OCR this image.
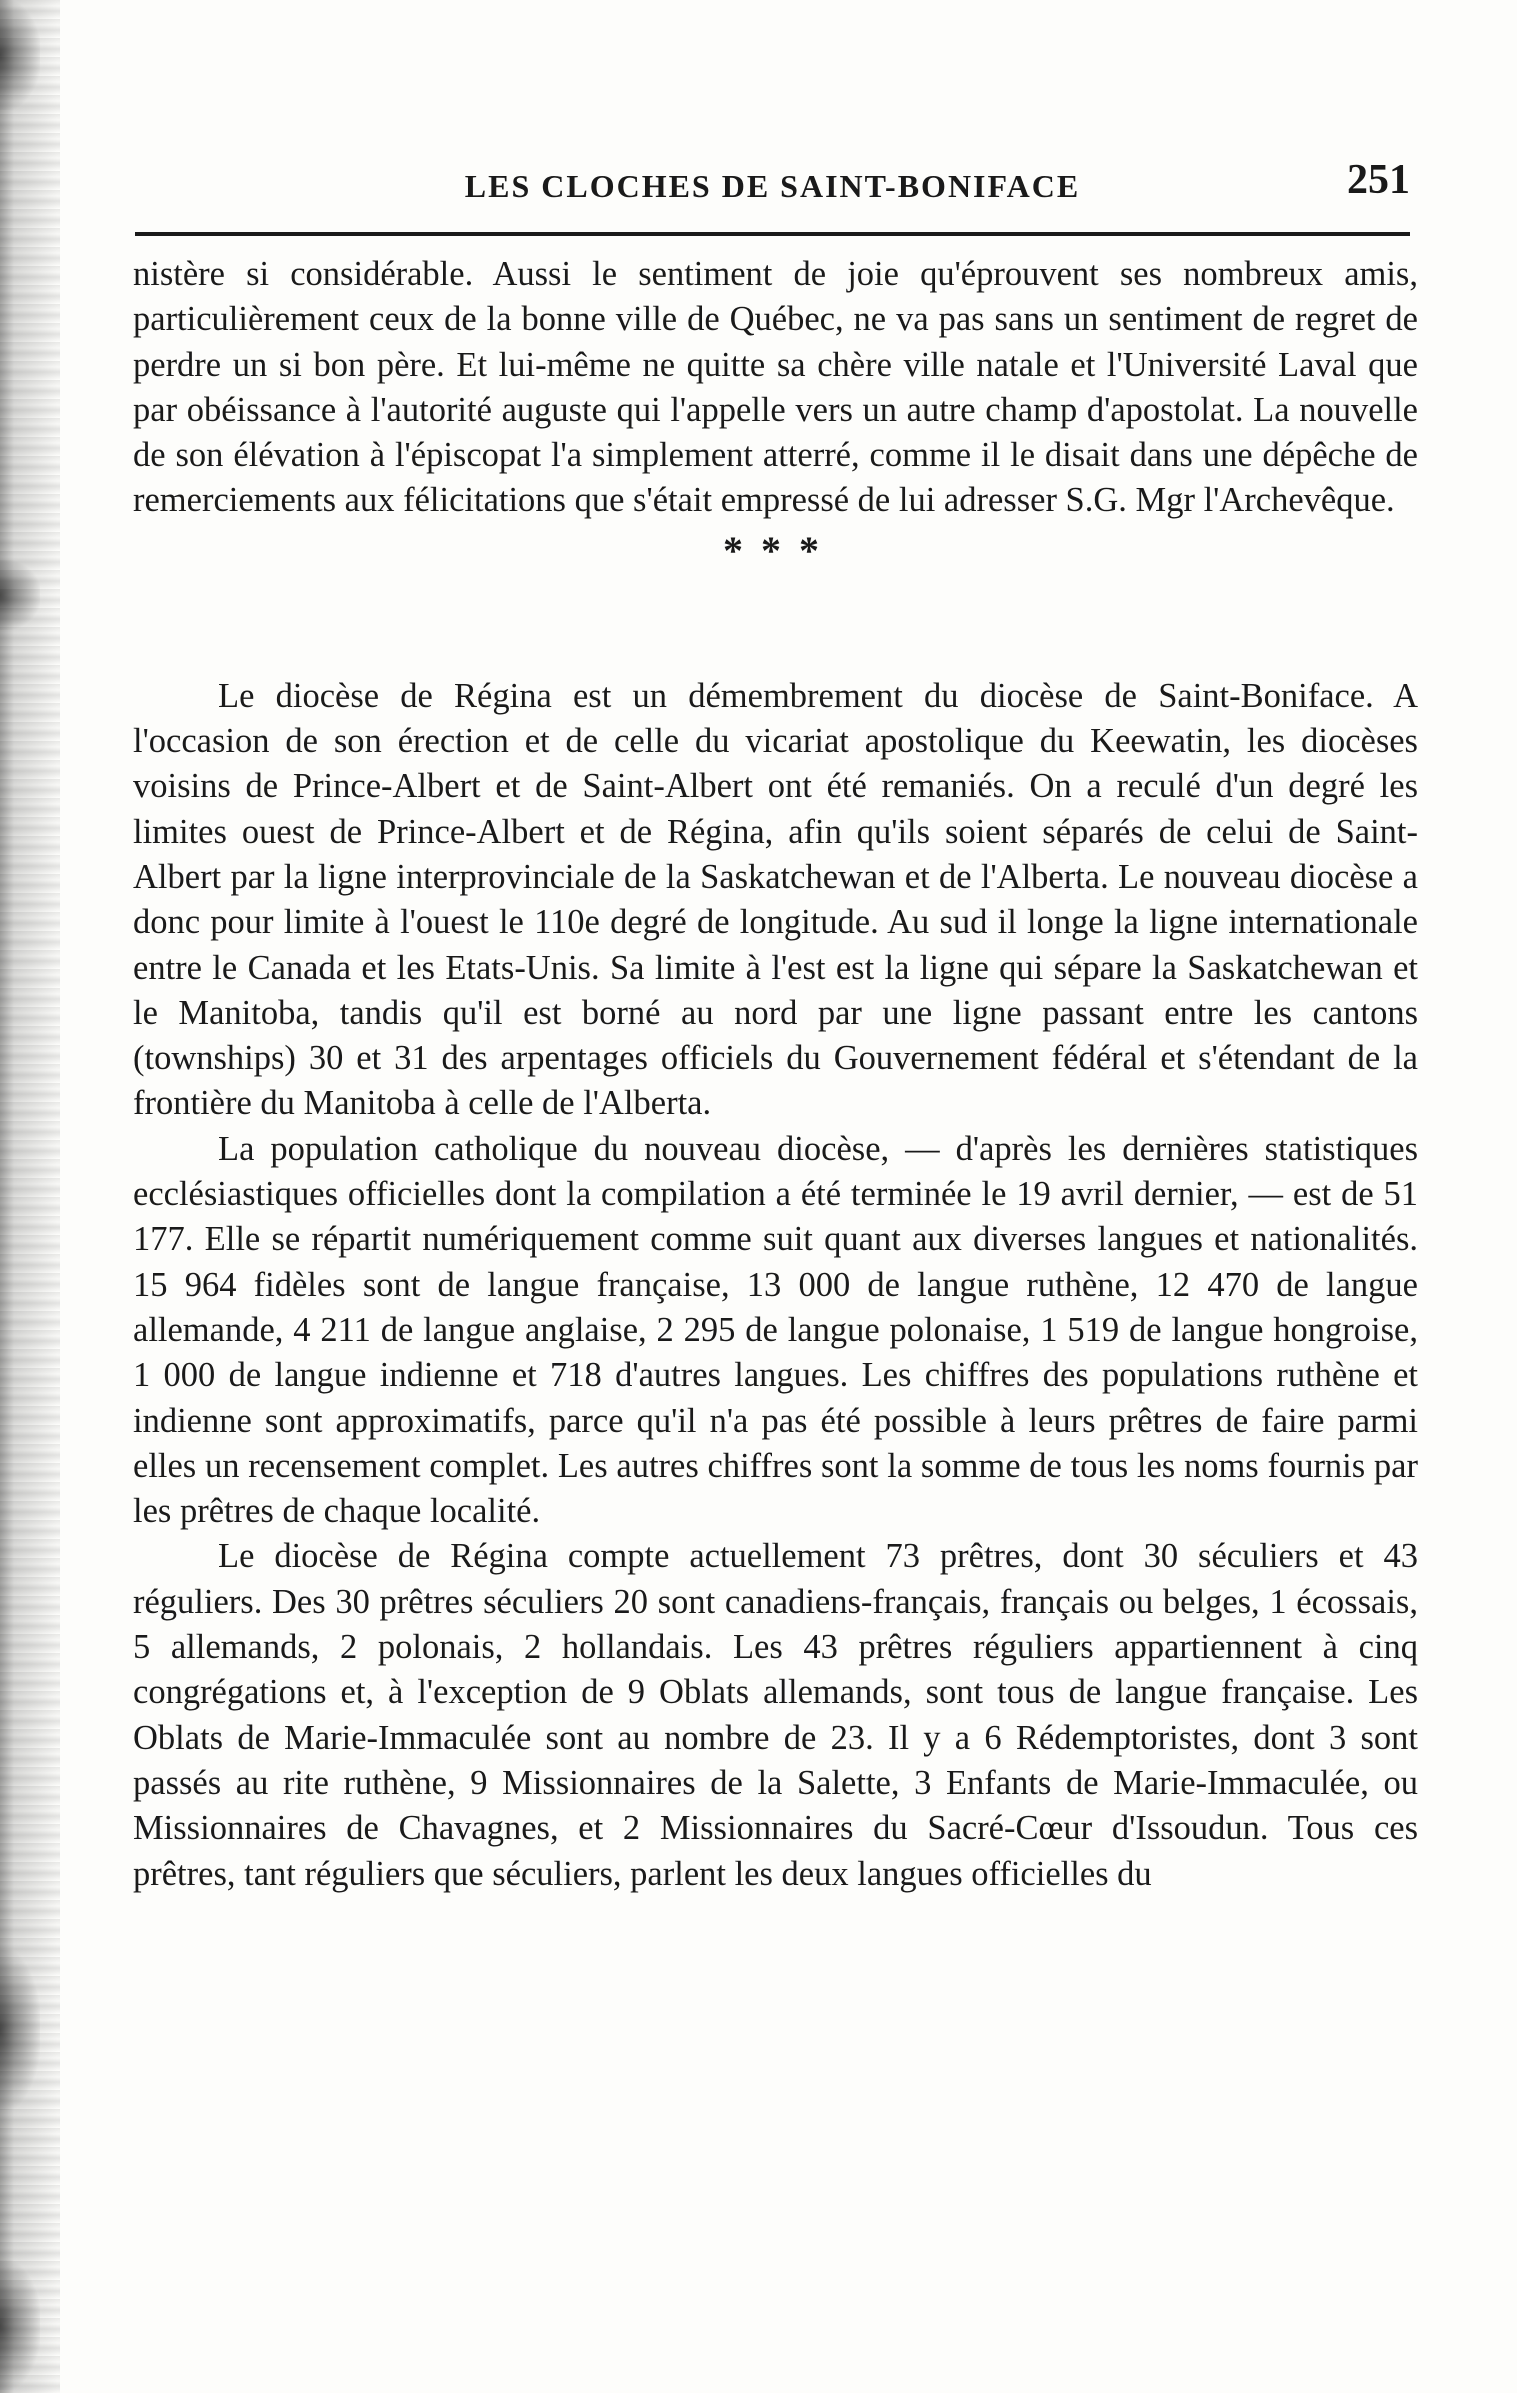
LES CLOCHES DE SAINT-BONIFACE	251

nistère si considérable. Aussi le sentiment de joie qu'éprouvent ses nombreux amis, particulièrement ceux de la bonne ville de Québec, ne va pas sans un sentiment de regret de perdre un si bon père. Et lui-même ne quitte sa chère ville natale et l'Université Laval que par obéissance à l'autorité auguste qui l'appelle vers un autre champ d'apostolat. La nouvelle de son élévation à l'épiscopat l'a simplement atterré, comme il le disait dans une dépêche de remerciements aux félicitations que s'était empressé de lui adresser S.G. Mgr l'Archevêque.

* * *

Le diocèse de Régina est un démembrement du diocèse de Saint-Boniface. A l'occasion de son érection et de celle du vicariat apostolique du Keewatin, les diocèses voisins de Prince-Albert et de Saint-Albert ont été remaniés. On a reculé d'un degré les limites ouest de Prince-Albert et de Régina, afin qu'ils soient séparés de celui de Saint-Albert par la ligne interprovinciale de la Saskatchewan et de l'Alberta. Le nouveau diocèse a donc pour limite à l'ouest le 110e degré de longitude. Au sud il longe la ligne internationale entre le Canada et les Etats-Unis. Sa limite à l'est est la ligne qui sépare la Saskatchewan et le Manitoba, tandis qu'il est borné au nord par une ligne passant entre les cantons (townships) 30 et 31 des arpentages officiels du Gouvernement fédéral et s'étendant de la frontière du Manitoba à celle de l'Alberta.

La population catholique du nouveau diocèse, — d'après les dernières statistiques ecclésiastiques officielles dont la compilation a été terminée le 19 avril dernier, — est de 51 177. Elle se répartit numériquement comme suit quant aux diverses langues et nationalités. 15 964 fidèles sont de langue française, 13 000 de langue ruthène, 12 470 de langue allemande, 4 211 de langue anglaise, 2 295 de langue polonaise, 1 519 de langue hongroise, 1 000 de langue indienne et 718 d'autres langues. Les chiffres des populations ruthène et indienne sont approximatifs, parce qu'il n'a pas été possible à leurs prêtres de faire parmi elles un recensement complet. Les autres chiffres sont la somme de tous les noms fournis par les prêtres de chaque localité.

Le diocèse de Régina compte actuellement 73 prêtres, dont 30 séculiers et 43 réguliers. Des 30 prêtres séculiers 20 sont canadiens-français, français ou belges, 1 écossais, 5 allemands, 2 polonais, 2 hollandais. Les 43 prêtres réguliers appartiennent à cinq congrégations et, à l'exception de 9 Oblats allemands, sont tous de langue française. Les Oblats de Marie-Immaculée sont au nombre de 23. Il y a 6 Rédemptoristes, dont 3 sont passés au rite ruthène, 9 Missionnaires de la Salette, 3 Enfants de Marie-Immaculée, ou Missionnaires de Chavagnes, et 2 Missionnaires du Sacré-Cœur d'Issoudun. Tous ces prêtres, tant réguliers que séculiers, parlent les deux langues officielles du
